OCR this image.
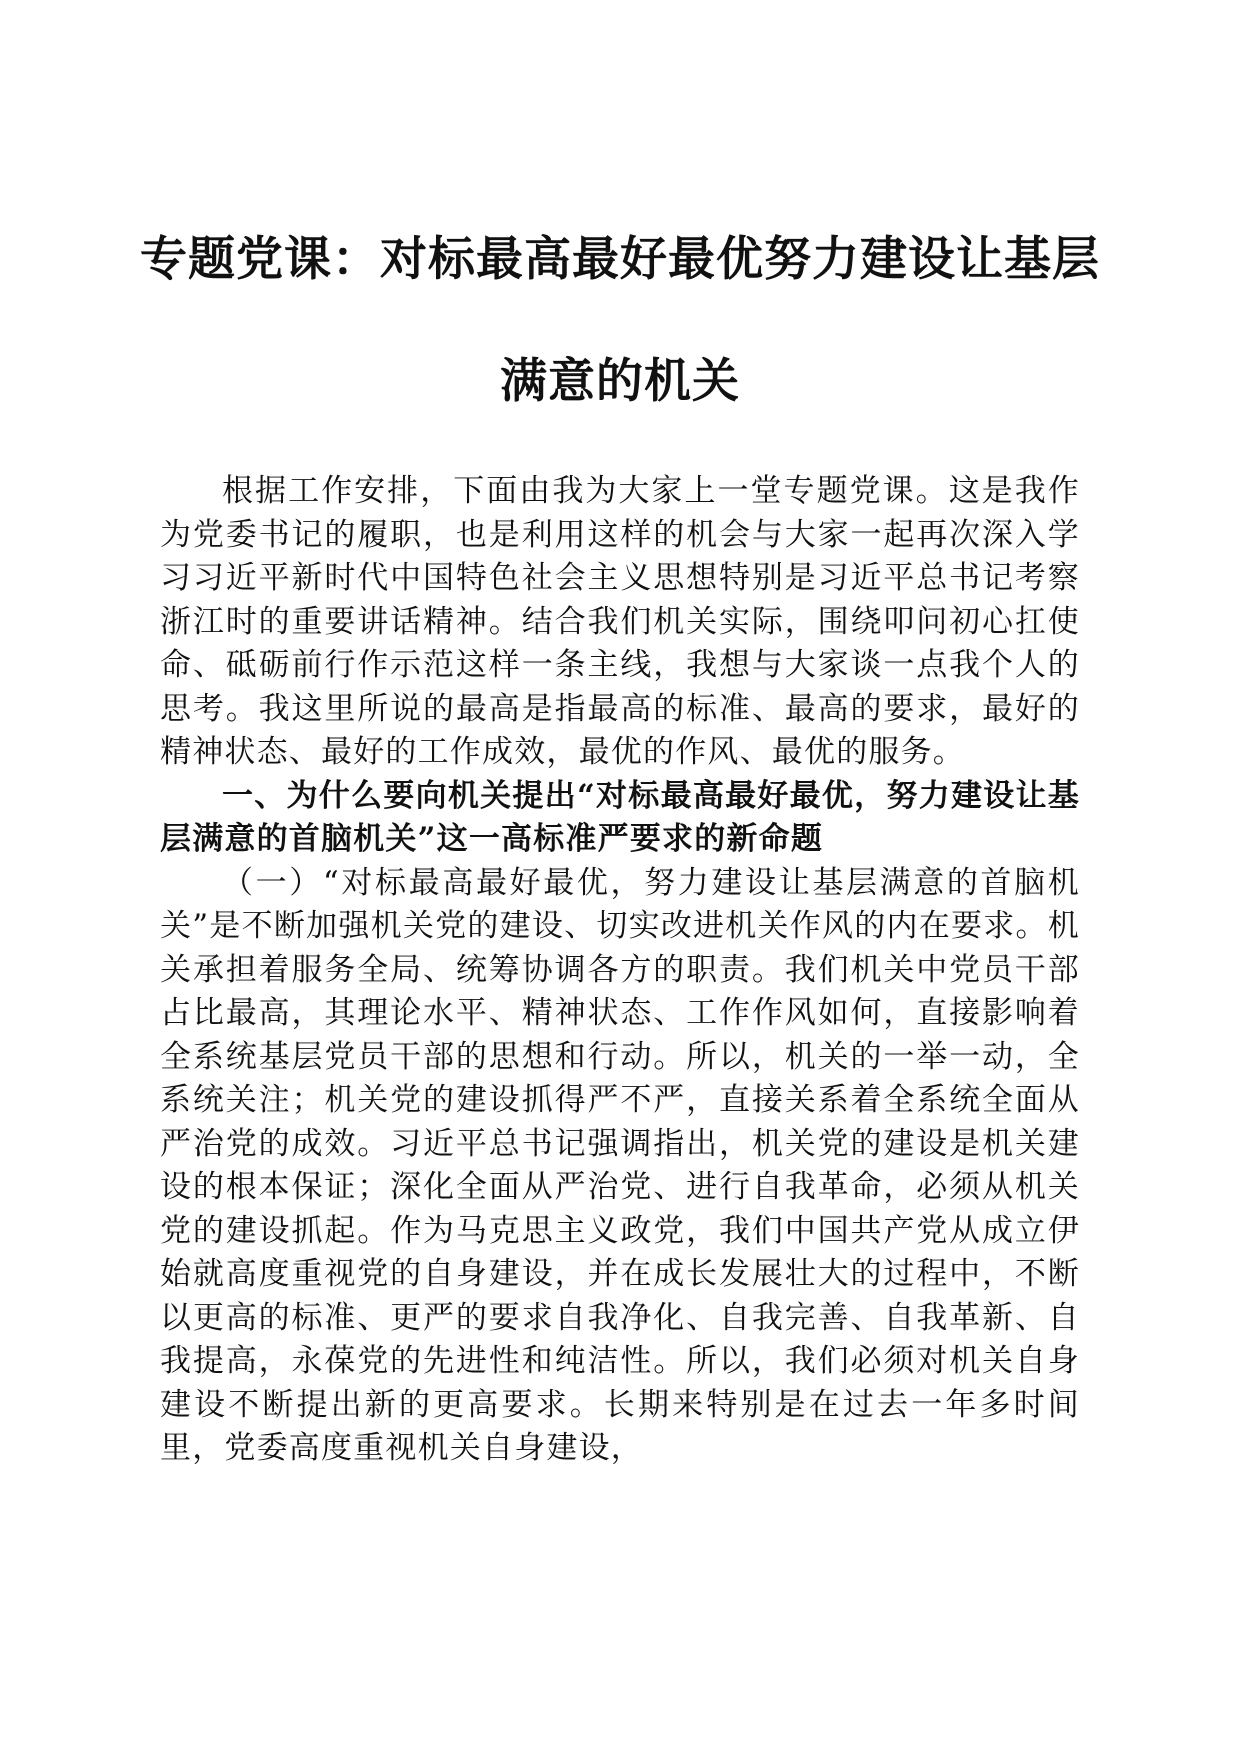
专题党课：对标最高最好最优努力建设让基层
满意的机关

根据工作安排，下面由我为大家上一堂专题党课。这是我作为党委书记的履职，也是利用这样的机会与大家一起再次深入学习习近平新时代中国特色社会主义思想特别是习近平总书记考察浙江时的重要讲话精神。结合我们机关实际，围绕叩问初心扛使命、砥砺前行作示范这样一条主线，我想与大家谈一点我个人的思考。我这里所说的最高是指最高的标准、最高的要求，最好的精神状态、最好的工作成效，最优的作风、最优的服务。

一、为什么要向机关提出“对标最高最好最优，努力建设让基层满意的首脑机关”这一高标准严要求的新命题

（一）“对标最高最好最优，努力建设让基层满意的首脑机关”是不断加强机关党的建设、切实改进机关作风的内在要求。机关承担着服务全局、统筹协调各方的职责。我们机关中党员干部占比最高，其理论水平、精神状态、工作作风如何，直接影响着全系统基层党员干部的思想和行动。所以，机关的一举一动，全系统关注；机关党的建设抓得严不严，直接关系着全系统全面从严治党的成效。习近平总书记强调指出，机关党的建设是机关建设的根本保证；深化全面从严治党、进行自我革命，必须从机关党的建设抓起。作为马克思主义政党，我们中国共产党从成立伊始就高度重视党的自身建设，并在成长发展壮大的过程中，不断以更高的标准、更严的要求自我净化、自我完善、自我革新、自我提高，永葆党的先进性和纯洁性。所以，我们必须对机关自身建设不断提出新的更高要求。长期来特别是在过去一年多时间里，党委高度重视机关自身建设，
